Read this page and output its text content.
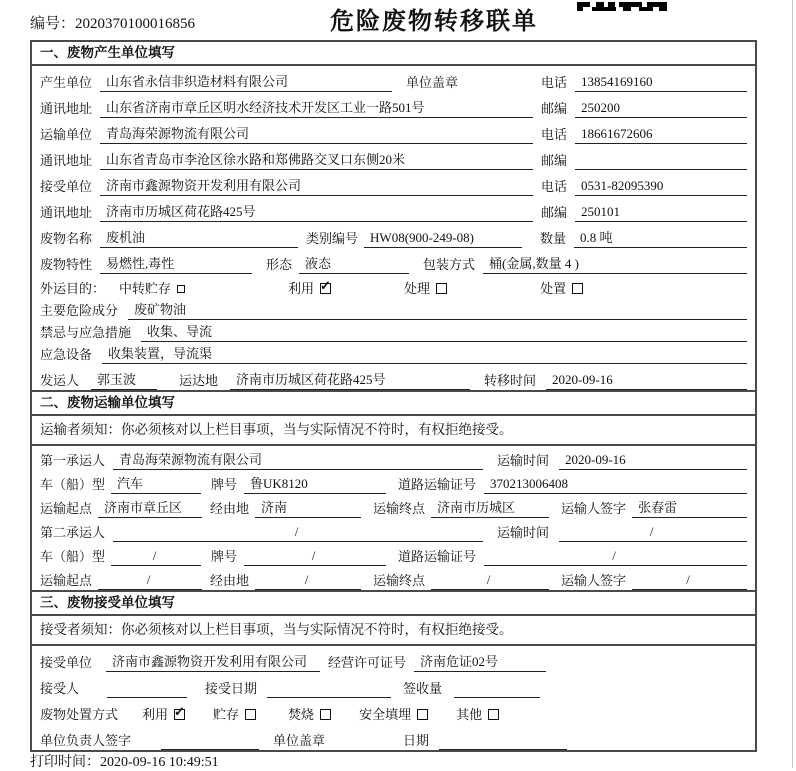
编号：2020370100016856	危险废物转移联单
一、废物产生单位填写
产生单位	山东省永信非织造材料有限公司	单位盖章	电话	13854169160
通讯地址	山东省济南市章丘区明水经济技术开发区工业一路501号	邮编	250200
运输单位	青岛海荣源物流有限公司	电话	18661672606
通讯地址	山东省青岛市李沧区徐水路和郑佛路交叉口东侧20米	邮编
接受单位	济南市鑫源物资开发利用有限公司	电话	0531-82095390
通讯地址	济南市历城区荷花路425号	邮编	250101
废物名称	废机油	类别编号 HW08(900-249-08)	数量	0.8 吨
废物特性	易燃性,毒性	形态	液态	包装方式	桶(金属,数量 4 )
外运目的： 中转贮存	利用 ✓	处理	处置
主要危险成分	废矿物油
禁忌与应急措施	收集、导流
应急设备	收集装置，导流渠
发运人	郭玉波	运达地	济南市历城区荷花路425号	转移时间	2020-09-16
二、废物运输单位填写
运输者须知：你必须核对以上栏目事项，当与实际情况不符时，有权拒绝接受。
第一承运人	青岛海荣源物流有限公司	运输时间	2020-09-16
车（船）型 汽车	牌号	鲁UK8120	道路运输证号	370213006408
运输起点 济南市章丘区	经由地 济南	运输终点 济南市历城区	运输人签字 张春雷
第二承运人	/	运输时间	/
车（船）型	/	牌号	/	道路运输证号	/
运输起点	/	经由地	/	运输终点	/	运输人签字	/
三、废物接受单位填写
接受者须知：你必须核对以上栏目事项，当与实际情况不符时，有权拒绝接受。
接受单位	济南市鑫源物资开发利用有限公司	经营许可证号	济南危证02号
接受人	接受日期	签收量
废物处置方式 利用 ✓	贮存	焚烧	安全填埋	其他
单位负责人签字	单位盖章	日期
打印时间：2020-09-16 10:49:51
